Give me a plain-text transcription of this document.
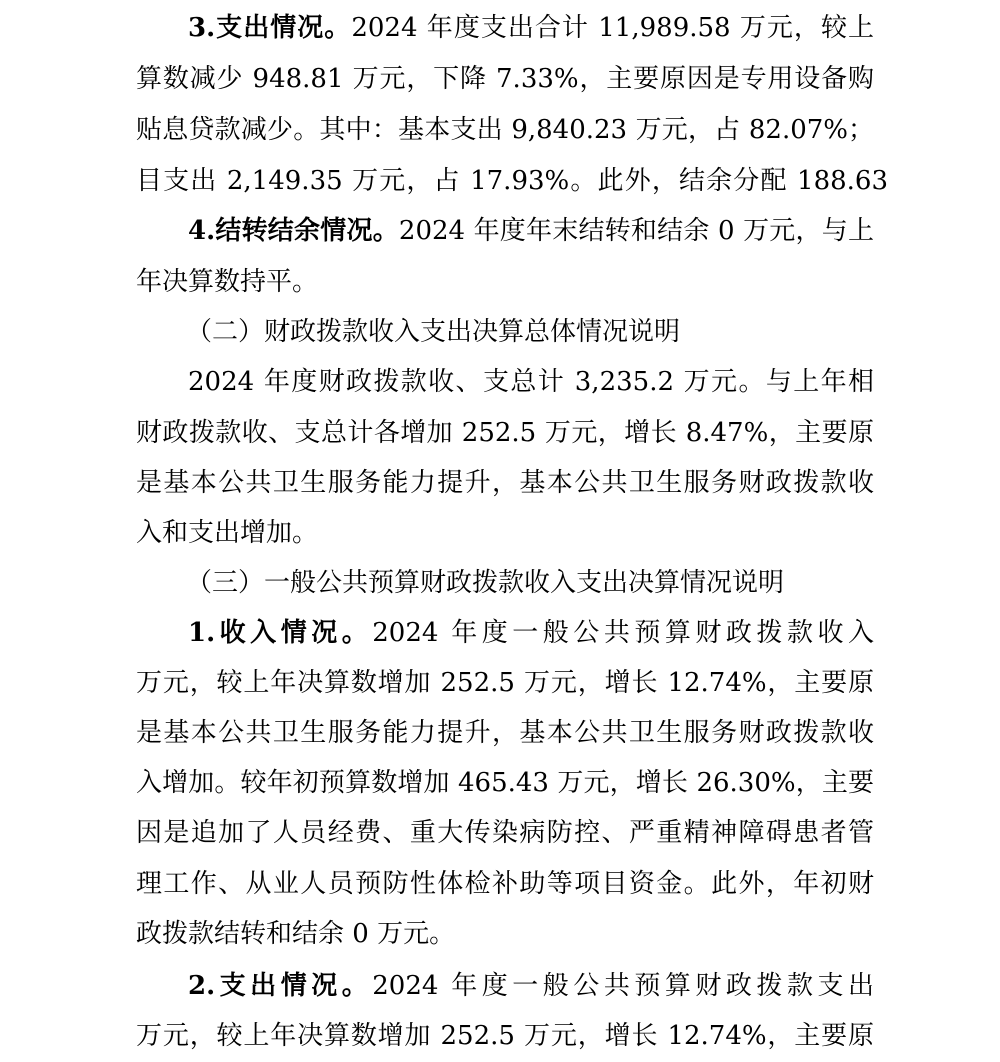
3.支出情况。2024 年度支出合计 11,989.58 万元，较上
算数减少 948.81 万元，下降 7.33%，主要原因是专用设备购
贴息贷款减少。其中：基本支出 9,840.23 万元，占 82.07%；
目支出 2,149.35 万元，占 17.93%。此外，结余分配 188.63
4.结转结余情况。2024 年度年末结转和结余 0 万元，与上
年决算数持平。
（二）财政拨款收入支出决算总体情况说明
2024 年度财政拨款收、支总计 3,235.2 万元。与上年相
财政拨款收、支总计各增加 252.5 万元，增长 8.47%，主要原
是基本公共卫生服务能力提升，基本公共卫生服务财政拨款收
入和支出增加。
（三）一般公共预算财政拨款收入支出决算情况说明
1.收入情况。2024 年度一般公共预算财政拨款收入
万元，较上年决算数增加 252.5 万元，增长 12.74%，主要原
是基本公共卫生服务能力提升，基本公共卫生服务财政拨款收
入增加。较年初预算数增加 465.43 万元，增长 26.30%，主要
因是追加了人员经费、重大传染病防控、严重精神障碍患者管
理工作、从业人员预防性体检补助等项目资金。此外，年初财
政拨款结转和结余 0 万元。
2.支出情况。2024 年度一般公共预算财政拨款支出
万元，较上年决算数增加 252.5 万元，增长 12.74%，主要原
